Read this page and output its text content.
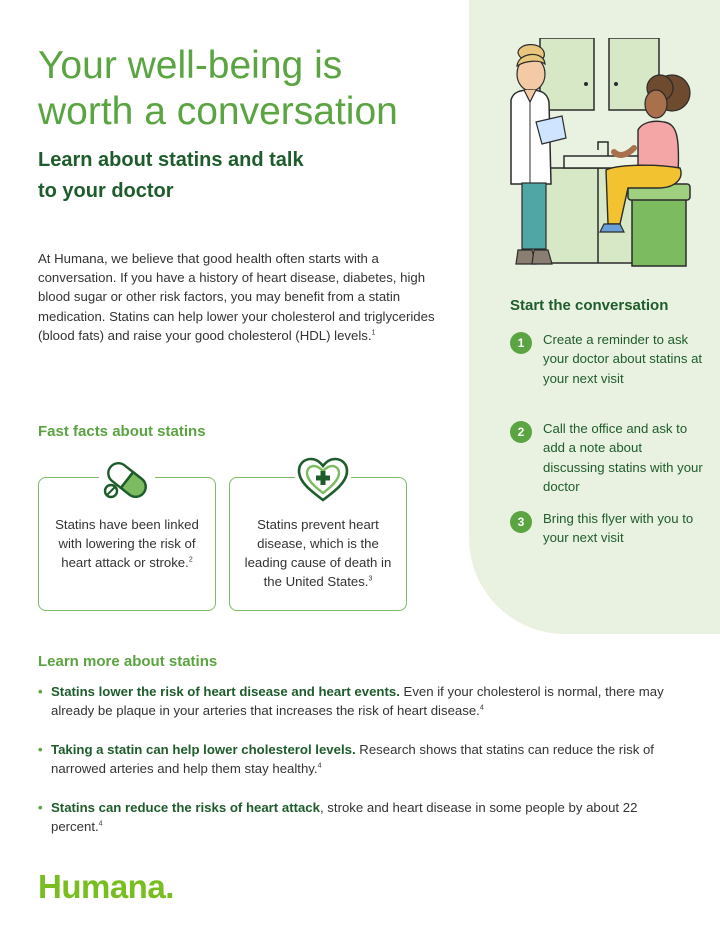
Your well-being is
worth a conversation
Learn about statins and talk
to your doctor

At Humana, we believe that good health often starts with a conversation. If you have a history of heart disease, diabetes, high blood sugar or other risk factors, you may benefit from a statin medication. Statins can help lower your cholesterol and triglycerides (blood fats) and raise your good cholesterol (HDL) levels.$^1$

Fast facts about statins
Statins have been linked with lowering the risk of heart attack or stroke.$^2$
Statins prevent heart disease, which is the leading cause of death in the United States.$^3$
Start the conversation
1	Create a reminder to ask your doctor about statins at your next visit
2	Call the office and ask to add a note about discussing statins with your doctor
3	Bring this flyer with you to your next visit
Learn more about statins
• Statins lower the risk of heart disease and heart events. Even if your cholesterol is normal, there may already be plaque in your arteries that increases the risk of heart disease.$^4$
• Taking a statin can help lower cholesterol levels. Research shows that statins can reduce the risk of narrowed arteries and help them stay healthy.$^4$
• Statins can reduce the risks of heart attack, stroke and heart disease in some people by about 22 percent.$^4$
Humana.
